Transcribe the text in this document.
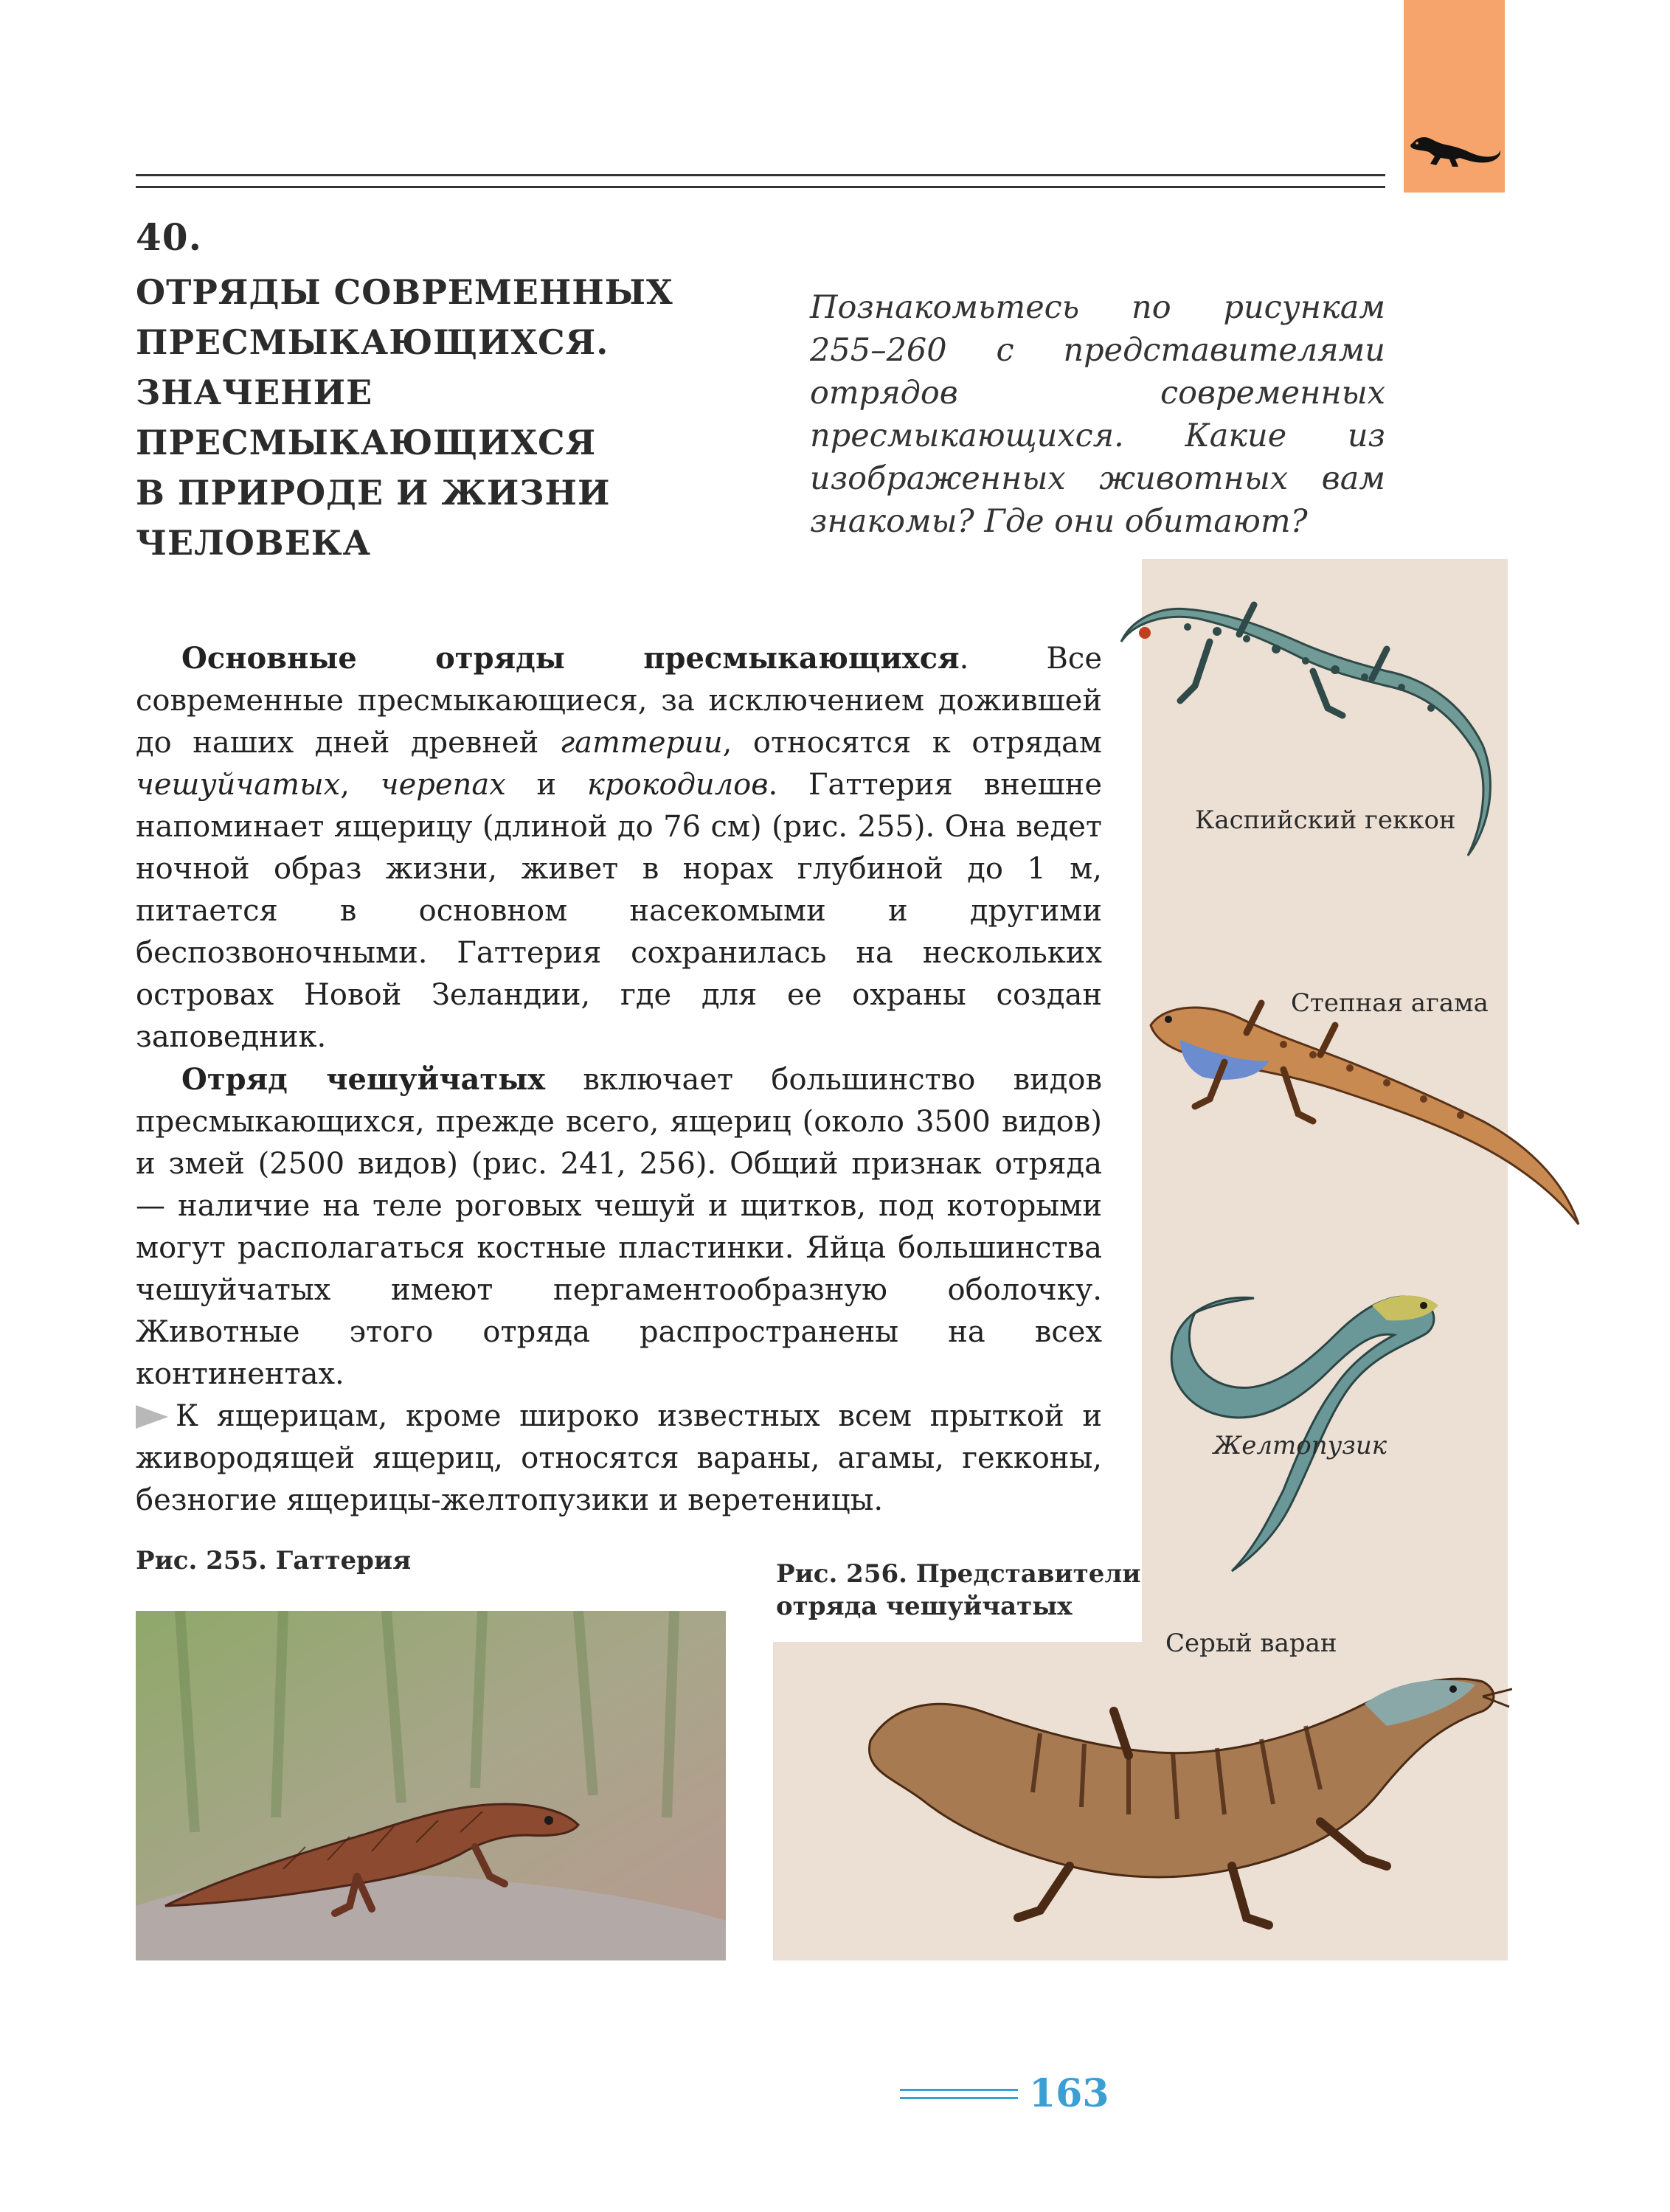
40.
ОТРЯДЫ СОВРЕМЕННЫХ
ПРЕСМЫКАЮЩИХСЯ.
ЗНАЧЕНИЕ
ПРЕСМЫКАЮЩИХСЯ
В ПРИРОДЕ И ЖИЗНИ
ЧЕЛОВЕКА
Познакомьтесь по рисункам 255–260 с представителями отрядов современных пресмыкающихся. Какие из изображенных животных вам знакомы? Где они обитают?

Основные отряды пресмыкающихся. Все современные пресмыкающиеся, за исключением дожившей до наших дней древней гаттерии, относятся к отрядам чешуйчатых, черепах и крокодилов. Гаттерия внешне напоминает ящерицу (длиной до 76 см) (рис. 255). Она ведет ночной образ жизни, живет в норах глубиной до 1 м, питается в основном насекомыми и другими беспозвоночными. Гаттерия сохранилась на нескольких островах Новой Зеландии, где для ее охраны создан заповедник.

Отряд чешуйчатых включает большинство видов пресмыкающихся, прежде всего, ящериц (около 3500 видов) и змей (2500 видов) (рис. 241, 256). Общий признак отряда — наличие на теле роговых чешуй и щитков, под которыми могут располагаться костные пластинки. Яйца большинства чешуйчатых имеют пергаментообразную оболочку. Животные этого отряда распространены на всех континентах.

К ящерицам, кроме широко известных всем прыткой и живородящей ящериц, относятся вараны, агамы, гекконы, безногие ящерицы-желтопузики и веретеницы.

Рис. 255. Гаттерия	Рис. 256. Представители
отряда чешуйчатых
Каспийский геккон
Степная агама
Желтопузик
Серый варан
163
